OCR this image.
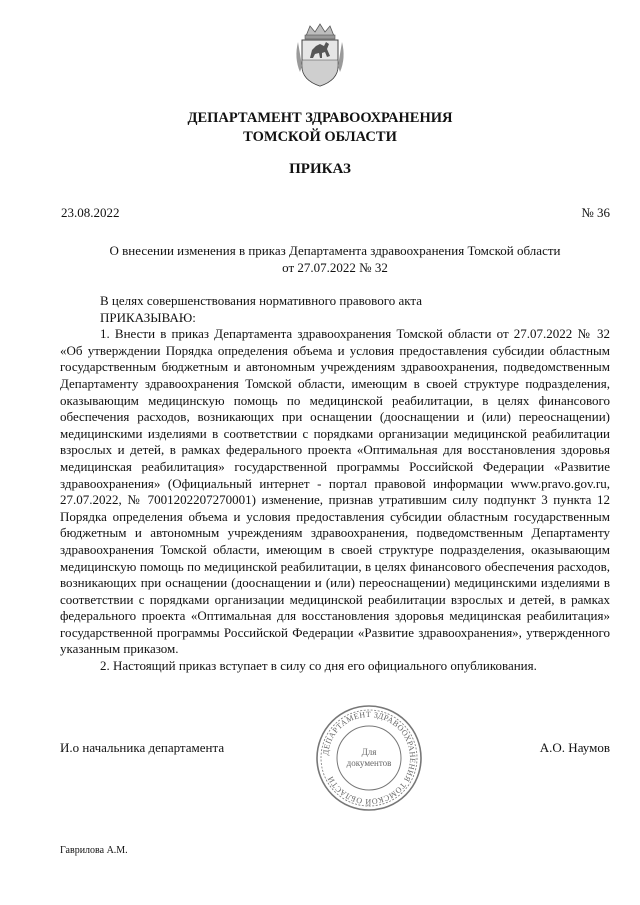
ДЕПАРТАМЕНТ ЗДРАВООХРАНЕНИЯ
ТОМСКОЙ ОБЛАСТИ
ПРИКАЗ
23.08.2022	№ 36
О внесении изменения в приказ Департамента здравоохранения Томской области
от 27.07.2022 № 32

В целях совершенствования нормативного правового акта

ПРИКАЗЫВАЮ:

1. Внести в приказ Департамента здравоохранения Томской области от 27.07.2022 № 32 «Об утверждении Порядка определения объема и условия предоставления субсидии областным государственным бюджетным и автономным учреждениям здравоохранения, подведомственным Департаменту здравоохранения Томской области, имеющим в своей структуре подразделения, оказывающим медицинскую помощь по медицинской реабилитации, в целях финансового обеспечения расходов, возникающих при оснащении (дооснащении и (или) переоснащении) медицинскими изделиями в соответствии с порядками организации медицинской реабилитации взрослых и детей, в рамках федерального проекта «Оптимальная для восстановления здоровья медицинская реабилитация» государственной программы Российской Федерации «Развитие здравоохранения» (Официальный интернет - портал правовой информации www.pravo.gov.ru, 27.07.2022, № 7001202207270001) изменение, признав утратившим силу подпункт 3 пункта 12 Порядка определения объема и условия предоставления субсидии областным государственным бюджетным и автономным учреждениям здравоохранения, подведомственным Департаменту здравоохранения Томской области, имеющим в своей структуре подразделения, оказывающим медицинскую помощь по медицинской реабилитации, в целях финансового обеспечения расходов, возникающих при оснащении (дооснащении и (или) переоснащении) медицинскими изделиями в соответствии с порядками организации медицинской реабилитации взрослых и детей, в рамках федерального проекта «Оптимальная для восстановления здоровья медицинская реабилитация» государственной программы Российской Федерации «Развитие здравоохранения», утвержденного указанным приказом.

2. Настоящий приказ вступает в силу со дня его официального опубликования.

И.о начальника департамента	А.О. Наумов
ДЕПАРТАМЕНТ ЗДРАВООХРАНЕНИЯ ТОМСКОЙ ОБЛАСТИ
Для
документов
Гаврилова А.М.
